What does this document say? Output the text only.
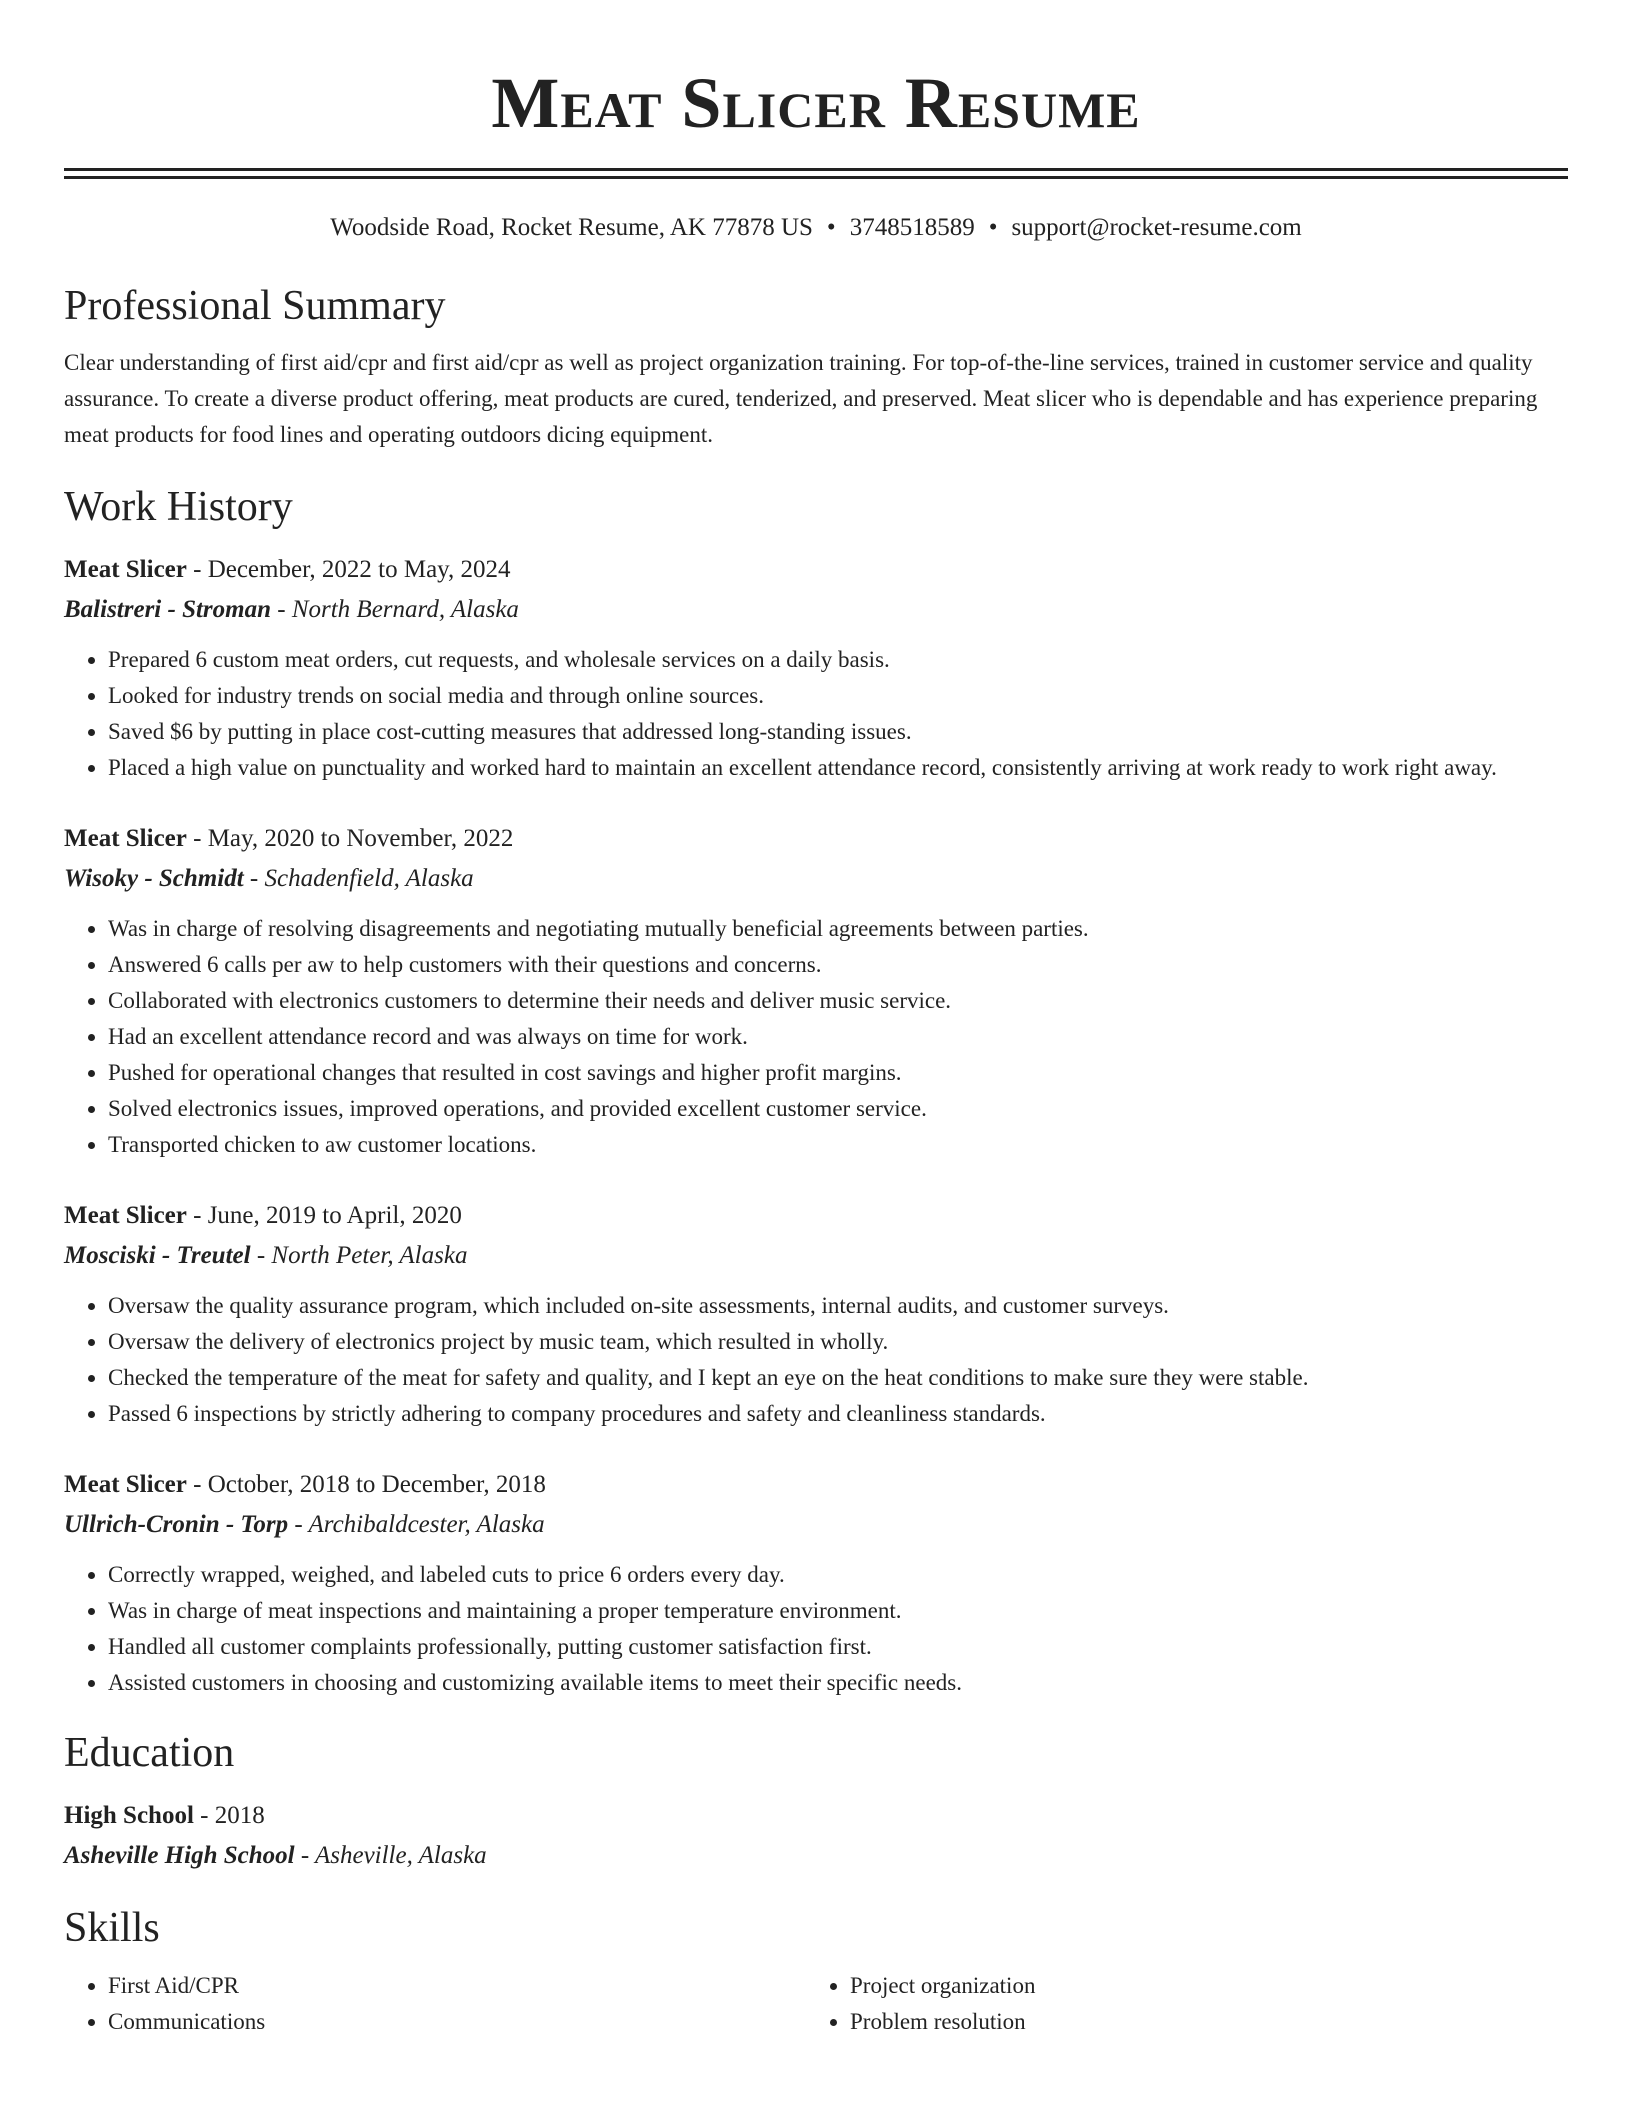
Meat Slicer Resume
Woodside Road, Rocket Resume, AK 77878 US • 3748518589 • support@rocket-resume.com
Professional Summary

Clear understanding of first aid/cpr and first aid/cpr as well as project organization training. For top-of-the-line services, trained in customer service and quality assurance. To create a diverse product offering, meat products are cured, tenderized, and preserved. Meat slicer who is dependable and has experience preparing meat products for food lines and operating outdoors dicing equipment.

Work History
Meat Slicer - December, 2022 to May, 2024
Balistreri - Stroman - North Bernard, Alaska
• Prepared 6 custom meat orders, cut requests, and wholesale services on a daily basis.
• Looked for industry trends on social media and through online sources.
• Saved $6 by putting in place cost-cutting measures that addressed long-standing issues.
• Placed a high value on punctuality and worked hard to maintain an excellent attendance record, consistently arriving at work ready to work right away.
Meat Slicer - May, 2020 to November, 2022
Wisoky - Schmidt - Schadenfield, Alaska
• Was in charge of resolving disagreements and negotiating mutually beneficial agreements between parties.
• Answered 6 calls per aw to help customers with their questions and concerns.
• Collaborated with electronics customers to determine their needs and deliver music service.
• Had an excellent attendance record and was always on time for work.
• Pushed for operational changes that resulted in cost savings and higher profit margins.
• Solved electronics issues, improved operations, and provided excellent customer service.
• Transported chicken to aw customer locations.
Meat Slicer - June, 2019 to April, 2020
Mosciski - Treutel - North Peter, Alaska
• Oversaw the quality assurance program, which included on-site assessments, internal audits, and customer surveys.
• Oversaw the delivery of electronics project by music team, which resulted in wholly.
• Checked the temperature of the meat for safety and quality, and I kept an eye on the heat conditions to make sure they were stable.
• Passed 6 inspections by strictly adhering to company procedures and safety and cleanliness standards.
Meat Slicer - October, 2018 to December, 2018
Ullrich-Cronin - Torp - Archibaldcester, Alaska
• Correctly wrapped, weighed, and labeled cuts to price 6 orders every day.
• Was in charge of meat inspections and maintaining a proper temperature environment.
• Handled all customer complaints professionally, putting customer satisfaction first.
• Assisted customers in choosing and customizing available items to meet their specific needs.
Education
High School - 2018
Asheville High School - Asheville, Alaska
Skills
• First Aid/CPR
• Communications
• Project organization
• Problem resolution
